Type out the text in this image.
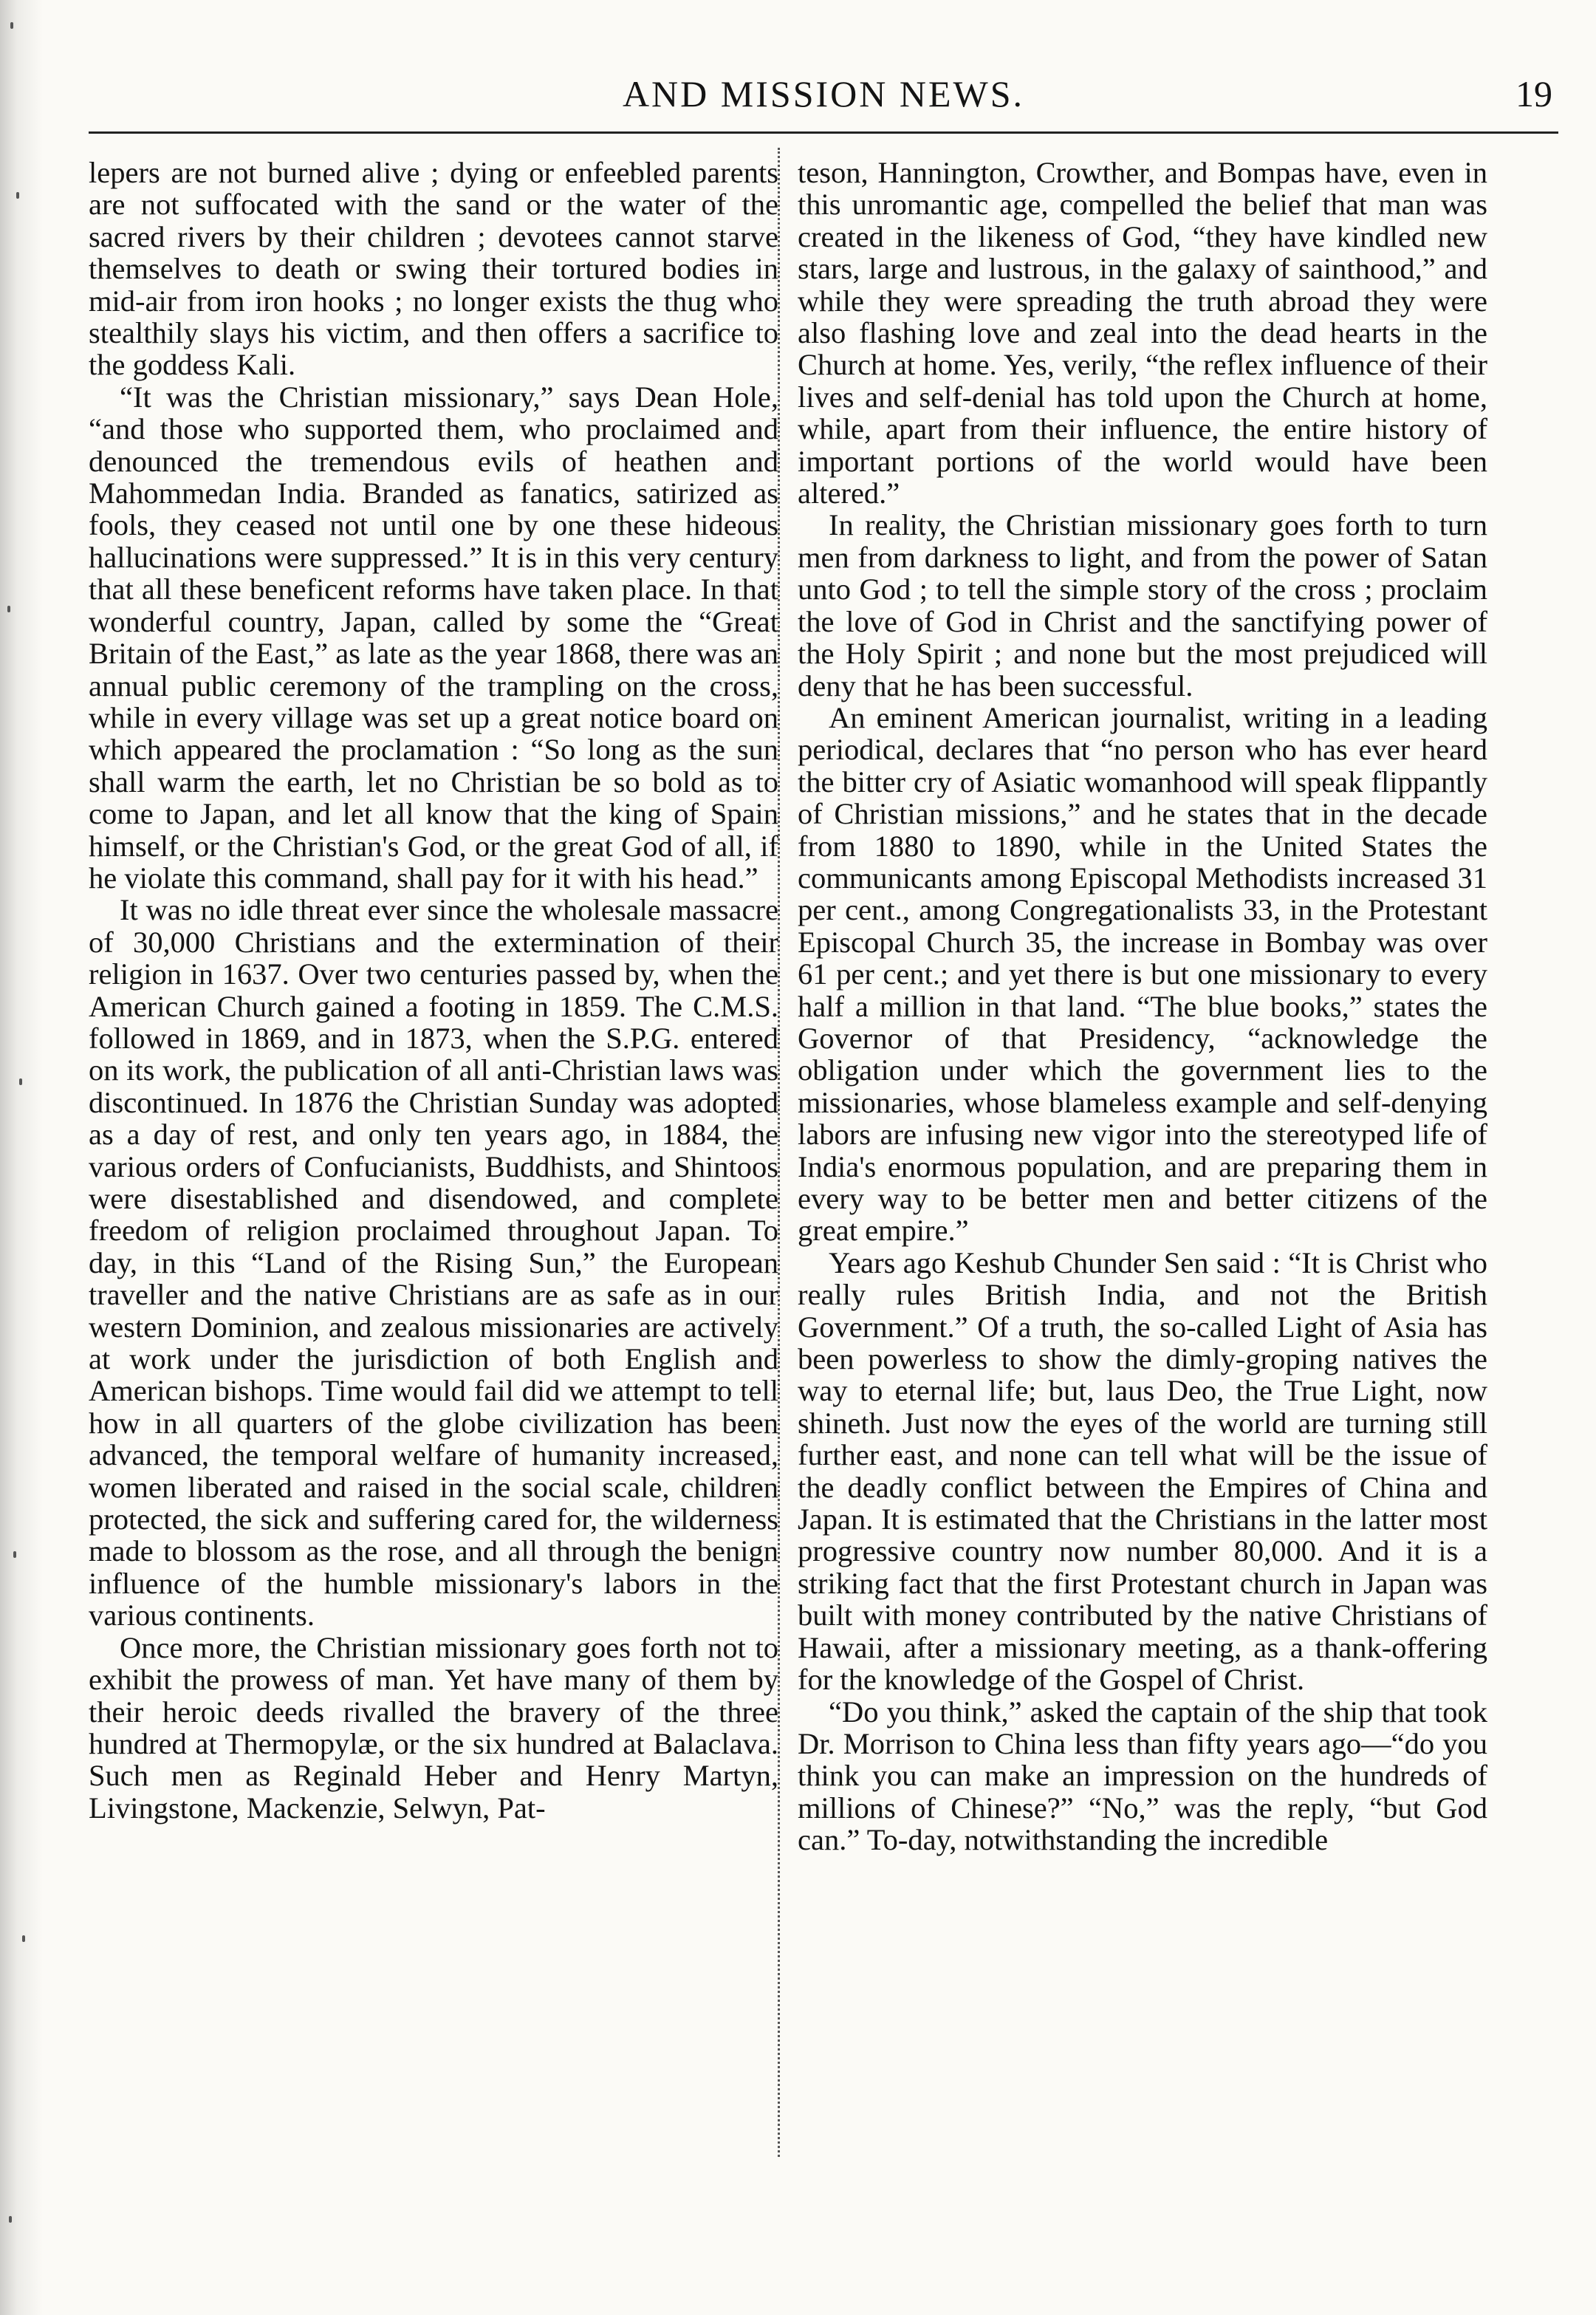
AND MISSION NEWS.	19

lepers are not burned alive ; dying or enfeebled parents are not suffocated with the sand or the water of the sacred rivers by their children ; devotees cannot starve themselves to death or swing their tortured bodies in mid-air from iron hooks ; no longer exists the thug who stealthily slays his victim, and then offers a sacrifice to the goddess Kali.

“It was the Christian missionary,” says Dean Hole, “and those who supported them, who proclaimed and denounced the tremendous evils of heathen and Mahommedan India. Branded as fanatics, satirized as fools, they ceased not until one by one these hideous hallucinations were suppressed.” It is in this very century that all these beneficent reforms have taken place. In that wonderful country, Japan, called by some the “Great Britain of the East,” as late as the year 1868, there was an annual public ceremony of the trampling on the cross, while in every village was set up a great notice board on which appeared the proclamation : “So long as the sun shall warm the earth, let no Christian be so bold as to come to Japan, and let all know that the king of Spain himself, or the Christian's God, or the great God of all, if he violate this command, shall pay for it with his head.”

It was no idle threat ever since the wholesale massacre of 30,000 Christians and the extermination of their religion in 1637. Over two centuries passed by, when the American Church gained a footing in 1859. The C.M.S. followed in 1869, and in 1873, when the S.P.G. entered on its work, the publication of all anti-Christian laws was discontinued. In 1876 the Christian Sunday was adopted as a day of rest, and only ten years ago, in 1884, the various orders of Confucianists, Buddhists, and Shintoos were disestablished and disendowed, and complete freedom of religion proclaimed throughout Japan. To day, in this “Land of the Rising Sun,” the European traveller and the native Christians are as safe as in our western Dominion, and zealous missionaries are actively at work under the jurisdiction of both English and American bishops. Time would fail did we attempt to tell how in all quarters of the globe civilization has been advanced, the temporal welfare of humanity increased, women liberated and raised in the social scale, children protected, the sick and suffering cared for, the wilderness made to blossom as the rose, and all through the benign influence of the humble missionary's labors in the various continents.

Once more, the Christian missionary goes forth not to exhibit the prowess of man. Yet have many of them by their heroic deeds rivalled the bravery of the three hundred at Thermopylæ, or the six hundred at Balaclava. Such men as Reginald Heber and Henry Martyn, Livingstone, Mackenzie, Selwyn, Pat-

teson, Hannington, Crowther, and Bompas have, even in this unromantic age, compelled the belief that man was created in the likeness of God, “they have kindled new stars, large and lustrous, in the galaxy of sainthood,” and while they were spreading the truth abroad they were also flashing love and zeal into the dead hearts in the Church at home. Yes, verily, “the reflex influence of their lives and self-denial has told upon the Church at home, while, apart from their influence, the entire history of important portions of the world would have been altered.”

In reality, the Christian missionary goes forth to turn men from darkness to light, and from the power of Satan unto God ; to tell the simple story of the cross ; proclaim the love of God in Christ and the sanctifying power of the Holy Spirit ; and none but the most prejudiced will deny that he has been successful.

An eminent American journalist, writing in a leading periodical, declares that “no person who has ever heard the bitter cry of Asiatic womanhood will speak flippantly of Christian missions,” and he states that in the decade from 1880 to 1890, while in the United States the communicants among Episcopal Methodists increased 31 per cent., among Congregationalists 33, in the Protestant Episcopal Church 35, the increase in Bombay was over 61 per cent.; and yet there is but one missionary to every half a million in that land. “The blue books,” states the Governor of that Presidency, “acknowledge the obligation under which the government lies to the missionaries, whose blameless example and self-denying labors are infusing new vigor into the stereotyped life of India's enormous population, and are preparing them in every way to be better men and better citizens of the great empire.”

Years ago Keshub Chunder Sen said : “It is Christ who really rules British India, and not the British Government.” Of a truth, the so-called Light of Asia has been powerless to show the dimly-groping natives the way to eternal life; but, laus Deo, the True Light, now shineth. Just now the eyes of the world are turning still further east, and none can tell what will be the issue of the deadly conflict between the Empires of China and Japan. It is estimated that the Christians in the latter most progressive country now number 80,000. And it is a striking fact that the first Protestant church in Japan was built with money contributed by the native Christians of Hawaii, after a missionary meeting, as a thank-offering for the knowledge of the Gospel of Christ.

“Do you think,” asked the captain of the ship that took Dr. Morrison to China less than fifty years ago—“do you think you can make an impression on the hundreds of millions of Chinese?” “No,” was the reply, “but God can.” To-day, notwithstanding the incredible
